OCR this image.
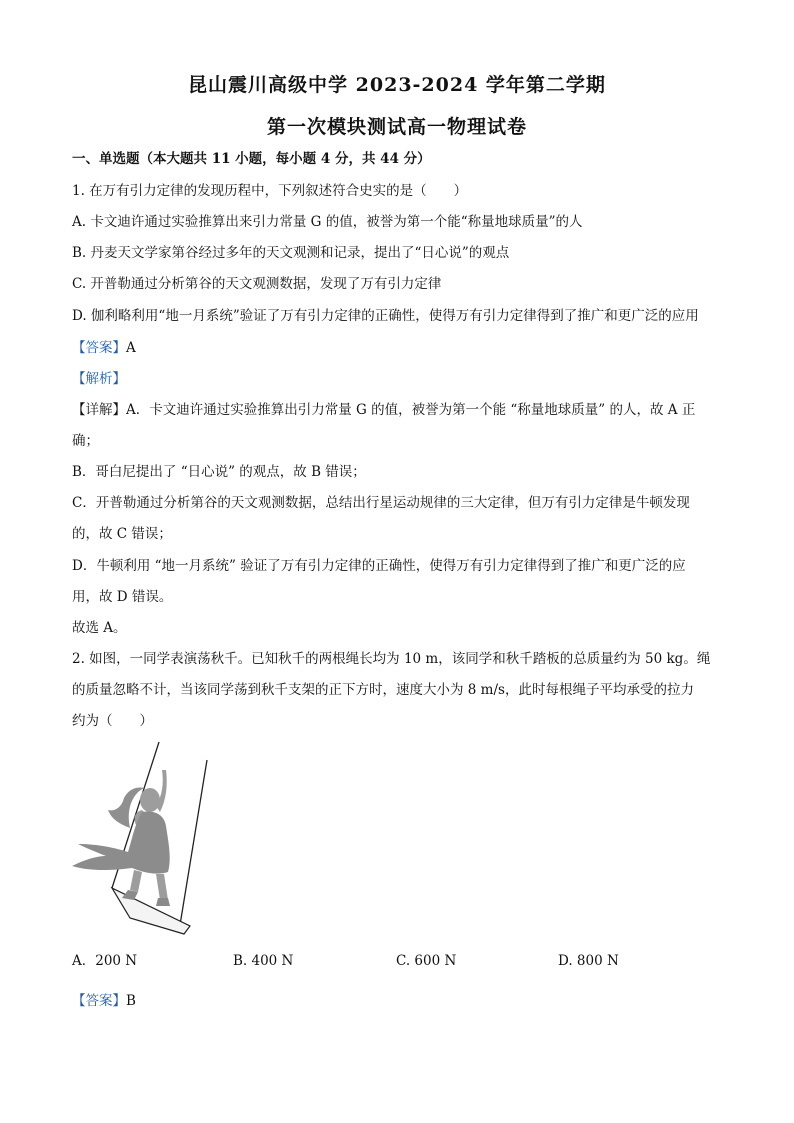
昆山震川高级中学 2023-2024 学年第二学期
第一次模块测试高一物理试卷
一、单选题（本大题共 11 小题，每小题 4 分，共 44 分）
1. 在万有引力定律的发现历程中，下列叙述符合史实的是（　　）
A. 卡文迪许通过实验推算出来引力常量 G 的值，被誉为第一个能“称量地球质量”的人
B. 丹麦天文学家第谷经过多年的天文观测和记录，提出了“日心说”的观点
C. 开普勒通过分析第谷的天文观测数据，发现了万有引力定律
D. 伽利略利用“地一月系统”验证了万有引力定律的正确性，使得万有引力定律得到了推广和更广泛的应用
【答案】A
【解析】
【详解】A．卡文迪许通过实验推算出引力常量 G 的值，被誉为第一个能 “称量地球质量” 的人，故 A 正
确；
B．哥白尼提出了 “日心说” 的观点，故 B 错误；
C．开普勒通过分析第谷的天文观测数据，总结出行星运动规律的三大定律，但万有引力定律是牛顿发现
的，故 C 错误；
D．牛顿利用 “地一月系统” 验证了万有引力定律的正确性，使得万有引力定律得到了推广和更广泛的应
用，故 D 错误。
故选 A。
2. 如图，一同学表演荡秋千。已知秋千的两根绳长均为 10 m，该同学和秋千踏板的总质量约为 50 kg。绳
的质量忽略不计，当该同学荡到秋千支架的正下方时，速度大小为 8 m/s，此时每根绳子平均承受的拉力
约为（　　）
A．200 N	B. 400 N	C. 600 N	D. 800 N
【答案】B
